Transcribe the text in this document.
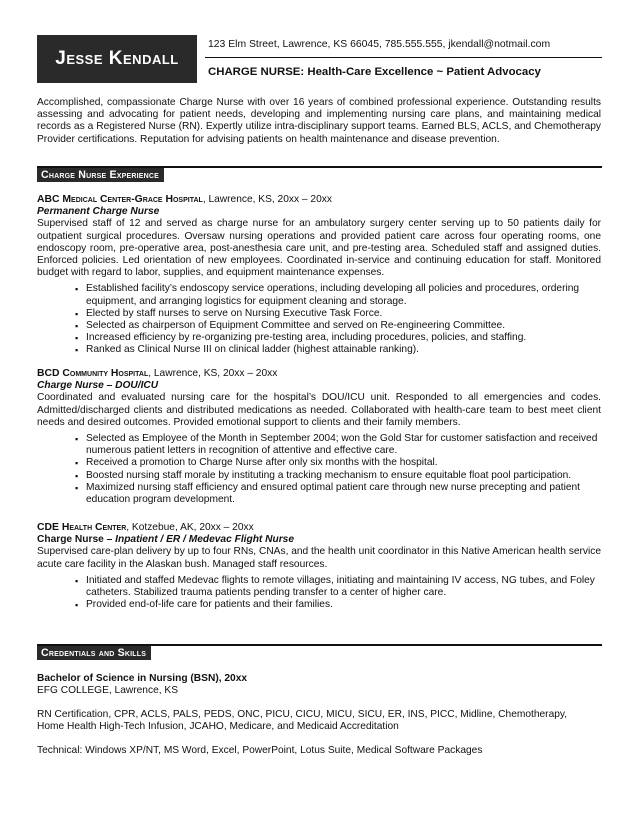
Jesse Kendall
123 Elm Street, Lawrence, KS 66045, 785.555.555, jkendall@notmail.com
CHARGE NURSE: Health-Care Excellence ~ Patient Advocacy
Accomplished, compassionate Charge Nurse with over 16 years of combined professional experience. Outstanding results assessing and advocating for patient needs, developing and implementing nursing care plans, and maintaining medical records as a Registered Nurse (RN). Expertly utilize intra-disciplinary support teams. Earned BLS, ACLS, and Chemotherapy Provider certifications. Reputation for advising patients on health maintenance and disease prevention.
Charge Nurse Experience
ABC Medical Center-Grace Hospital, Lawrence, KS, 20xx – 20xx
Permanent Charge Nurse
Supervised staff of 12 and served as charge nurse for an ambulatory surgery center serving up to 50 patients daily for outpatient surgical procedures. Oversaw nursing operations and provided patient care across four operating rooms, one endoscopy room, pre-operative area, post-anesthesia care unit, and pre-testing area. Scheduled staff and assigned duties. Enforced policies. Led orientation of new employees. Coordinated in-service and continuing education for staff. Monitored budget with regard to labor, supplies, and equipment maintenance expenses.
▪ Established facility’s endoscopy service operations, including developing all policies and procedures, ordering equipment, and arranging logistics for equipment cleaning and storage.
▪ Elected by staff nurses to serve on Nursing Executive Task Force.
▪ Selected as chairperson of Equipment Committee and served on Re-engineering Committee.
▪ Increased efficiency by re-organizing pre-testing area, including procedures, policies, and staffing.
▪ Ranked as Clinical Nurse III on clinical ladder (highest attainable ranking).
BCD Community Hospital, Lawrence, KS, 20xx – 20xx
Charge Nurse – DOU/ICU
Coordinated and evaluated nursing care for the hospital’s DOU/ICU unit. Responded to all emergencies and codes. Admitted/discharged clients and distributed medications as needed. Collaborated with health-care team to best meet client needs and desired outcomes. Provided emotional support to clients and their family members.
▪ Selected as Employee of the Month in September 2004; won the Gold Star for customer satisfaction and received numerous patient letters in recognition of attentive and effective care.
▪ Received a promotion to Charge Nurse after only six months with the hospital.
▪ Boosted nursing staff morale by instituting a tracking mechanism to ensure equitable float pool participation.
▪ Maximized nursing staff efficiency and ensured optimal patient care through new nurse precepting and patient education program development.
CDE Health Center, Kotzebue, AK, 20xx – 20xx
Charge Nurse – Inpatient / ER / Medevac Flight Nurse
Supervised care-plan delivery by up to four RNs, CNAs, and the health unit coordinator in this Native American health service acute care facility in the Alaskan bush. Managed staff resources.
▪ Initiated and staffed Medevac flights to remote villages, initiating and maintaining IV access, NG tubes, and Foley catheters. Stabilized trauma patients pending transfer to a center of higher care.
▪ Provided end-of-life care for patients and their families.
Credentials and Skills
Bachelor of Science in Nursing (BSN), 20xx
EFG COLLEGE, Lawrence, KS
RN Certification, CPR, ACLS, PALS, PEDS, ONC, PICU, CICU, MICU, SICU, ER, INS, PICC, Midline, Chemotherapy,
Home Health High-Tech Infusion, JCAHO, Medicare, and Medicaid Accreditation
Technical: Windows XP/NT, MS Word, Excel, PowerPoint, Lotus Suite, Medical Software Packages
